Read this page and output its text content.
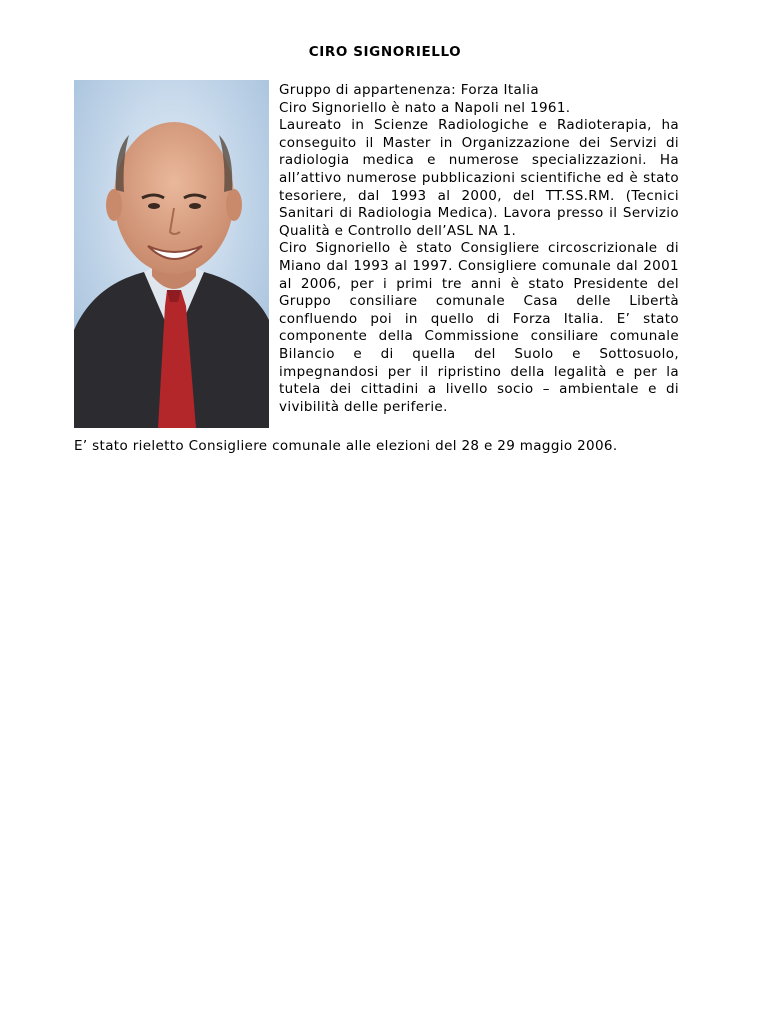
CIRO SIGNORIELLO

Gruppo di appartenenza: Forza Italia

Ciro Signoriello è nato a Napoli nel 1961.

Laureato in Scienze Radiologiche e Radioterapia, ha conseguito il Master in Organizzazione dei Servizi di radiologia medica e numerose specializzazioni. Ha all’attivo numerose pubblicazioni scientifiche ed è stato tesoriere, dal 1993 al 2000, del TT.SS.RM. (Tecnici Sanitari di Radiologia Medica). Lavora presso il Servizio Qualità e Controllo dell’ASL NA 1.

Ciro Signoriello è stato Consigliere circoscrizionale di Miano dal 1993 al 1997. Consigliere comunale dal 2001 al 2006, per i primi tre anni è stato Presidente del Gruppo consiliare comunale Casa delle Libertà confluendo poi in quello di Forza Italia. E’ stato componente della Commissione consiliare comunale Bilancio e di quella del Suolo e Sottosuolo, impegnandosi per il ripristino della legalità e per la tutela dei cittadini a livello socio – ambientale e di vivibilità delle periferie.

E’ stato rieletto Consigliere comunale alle elezioni del 28 e 29 maggio 2006.
